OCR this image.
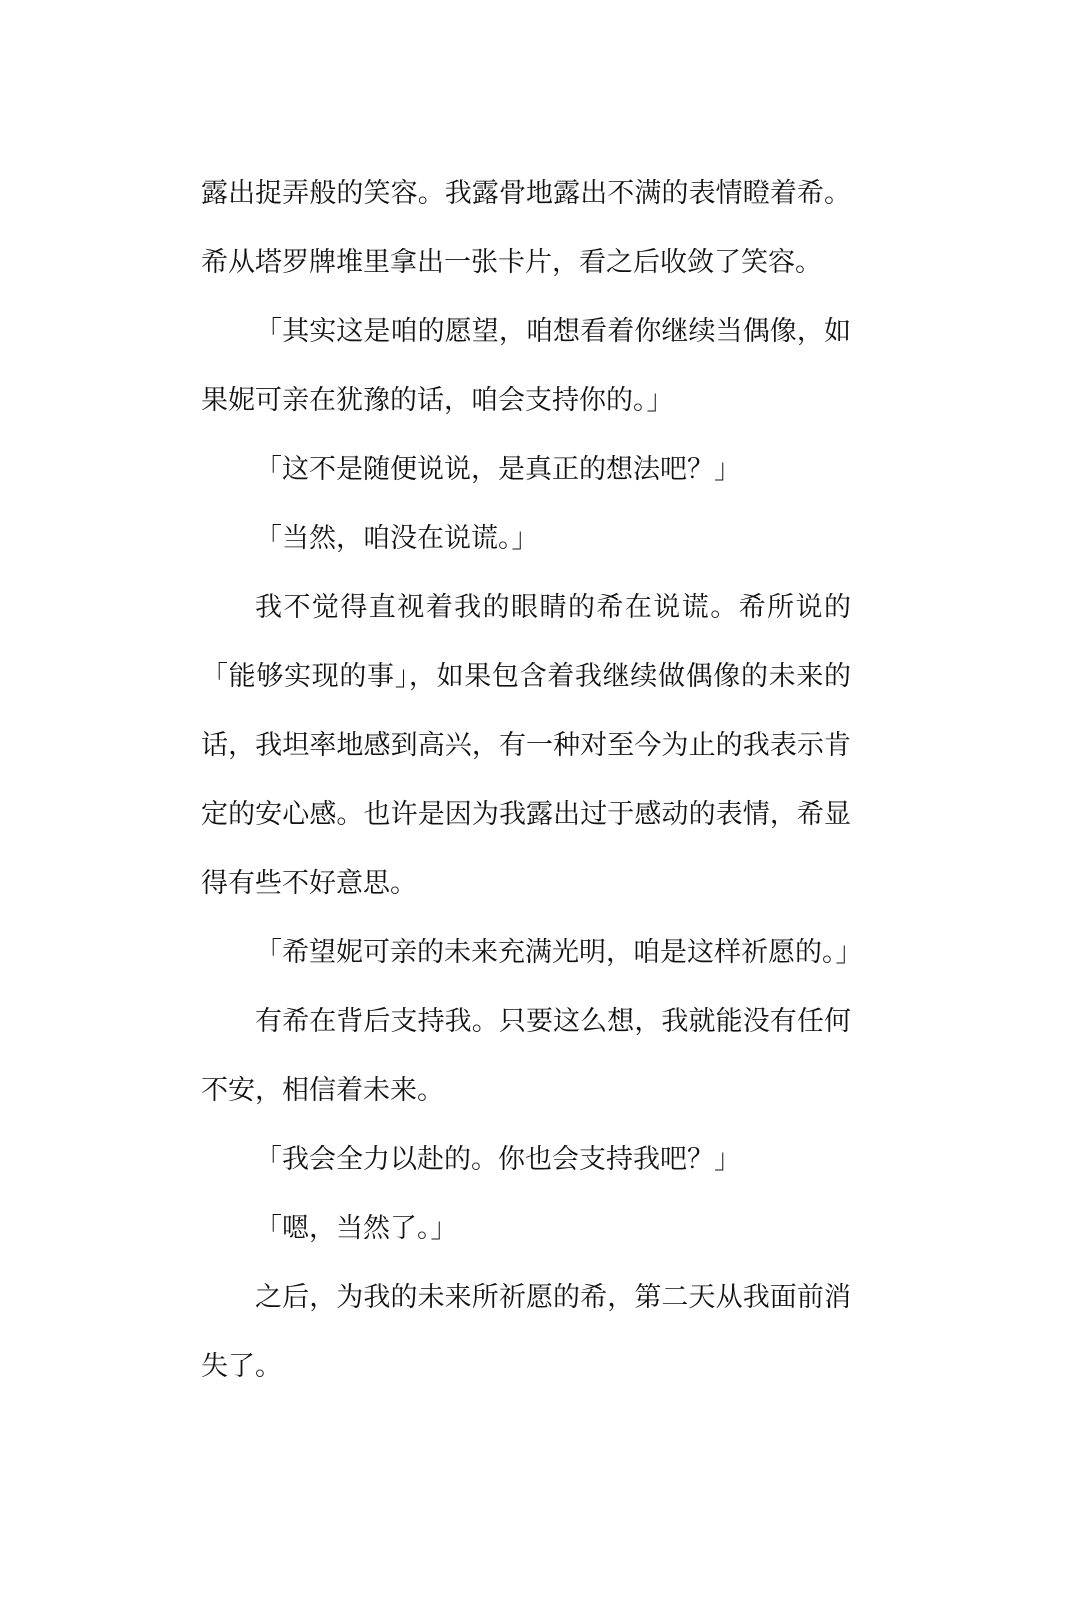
露出捉弄般的笑容。我露骨地露出不满的表情瞪着希。希从塔罗牌堆里拿出一张卡片，看之后收敛了笑容。

「其实这是咱的愿望，咱想看着你继续当偶像，如果妮可亲在犹豫的话，咱会支持你的。」

「这不是随便说说，是真正的想法吧？」

「当然，咱没在说谎。」

我不觉得直视着我的眼睛的希在说谎。希所说的「能够实现的事」，如果包含着我继续做偶像的未来的话，我坦率地感到高兴，有一种对至今为止的我表示肯定的安心感。也许是因为我露出过于感动的表情，希显得有些不好意思。

「希望妮可亲的未来充满光明，咱是这样祈愿的。」

有希在背后支持我。只要这么想，我就能没有任何不安，相信着未来。

「我会全力以赴的。你也会支持我吧？」

「嗯，当然了。」

之后，为我的未来所祈愿的希，第二天从我面前消失了。
